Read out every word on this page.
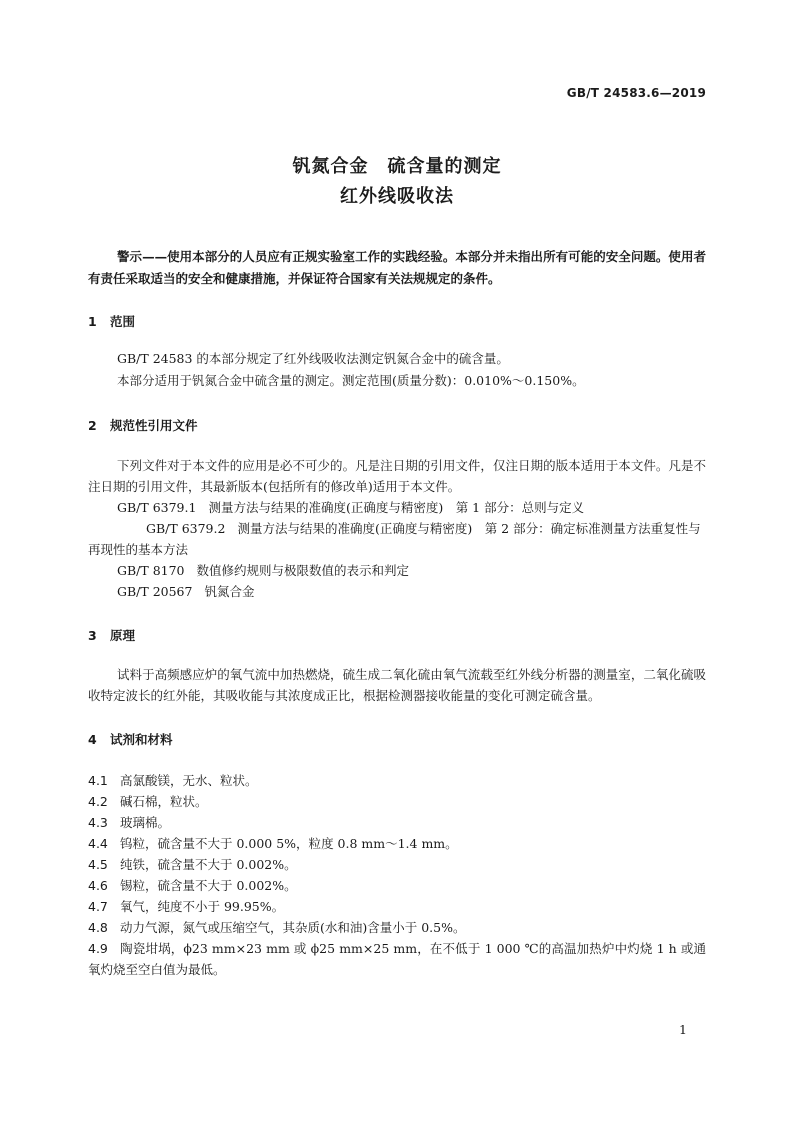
GB/T 24583.6—2019
钒氮合金　硫含量的测定
红外线吸收法

警示——使用本部分的人员应有正规实验室工作的实践经验。本部分并未指出所有可能的安全问题。使用者有责任采取适当的安全和健康措施，并保证符合国家有关法规规定的条件。

1 范围

GB/T 24583 的本部分规定了红外线吸收法测定钒氮合金中的硫含量。

本部分适用于钒氮合金中硫含量的测定。测定范围(质量分数)：0.010%～0.150%。

2 规范性引用文件

下列文件对于本文件的应用是必不可少的。凡是注日期的引用文件，仅注日期的版本适用于本文件。凡是不注日期的引用文件，其最新版本(包括所有的修改单)适用于本文件。

GB/T 6379.1 测量方法与结果的准确度(正确度与精密度)　第 1 部分：总则与定义

GB/T 6379.2 测量方法与结果的准确度(正确度与精密度)　第 2 部分：确定标准测量方法重复性与再现性的基本方法

GB/T 8170 数值修约规则与极限数值的表示和判定

GB/T 20567 钒氮合金

3 原理

试料于高频感应炉的氧气流中加热燃烧，硫生成二氧化硫由氧气流载至红外线分析器的测量室，二氧化硫吸收特定波长的红外能，其吸收能与其浓度成正比，根据检测器接收能量的变化可测定硫含量。

4 试剂和材料

4.1 高氯酸镁，无水、粒状。

4.2 碱石棉，粒状。

4.3 玻璃棉。

4.4 钨粒，硫含量不大于 0.000 5%，粒度 0.8 mm～1.4 mm。

4.5 纯铁，硫含量不大于 0.002%。

4.6 锡粒，硫含量不大于 0.002%。

4.7 氧气，纯度不小于 99.95%。

4.8 动力气源，氮气或压缩空气，其杂质(水和油)含量小于 0.5%。

4.9 陶瓷坩埚，ϕ23 mm×23 mm 或 ϕ25 mm×25 mm，在不低于 1 000 ℃的高温加热炉中灼烧 1 h 或通氧灼烧至空白值为最低。

1
